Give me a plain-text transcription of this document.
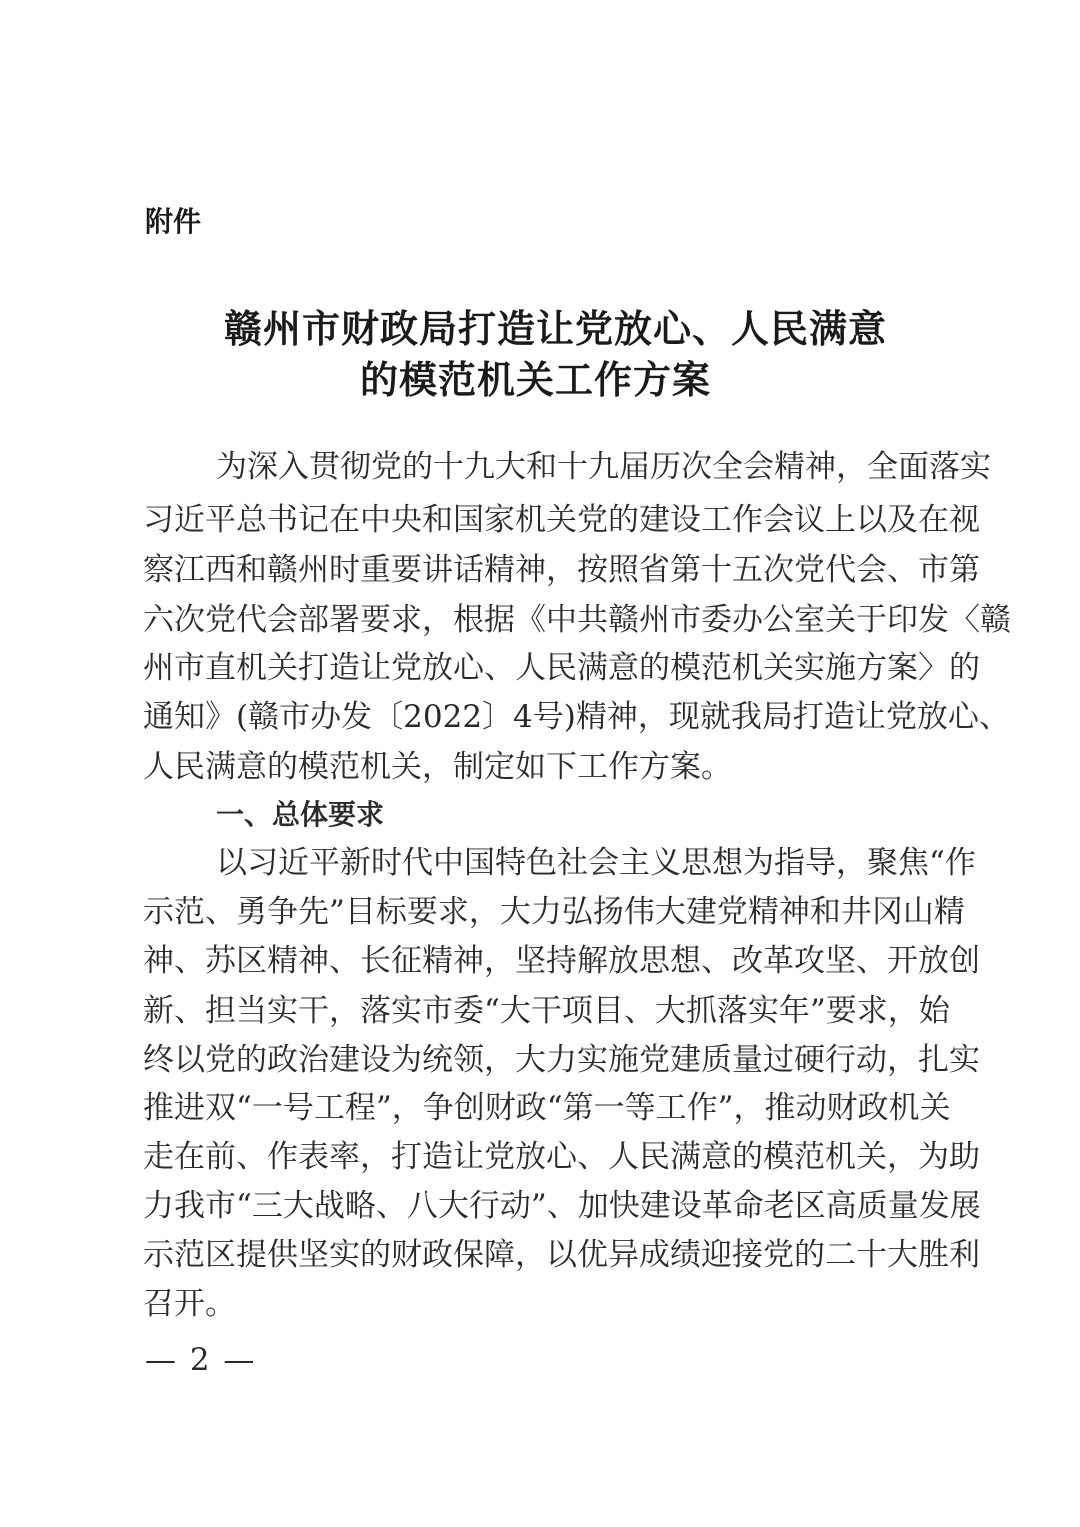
附件
赣州市财政局打造让党放心、人民满意
的模范机关工作方案
为 深 入 贯 彻 党 的 十 九 大 和 十 九 届 历 次 全 会 精 神 ， 全 面 落 实
习 近 平 总 书 记 在 中 央 和 国 家 机 关 党 的 建 设 工 作 会 议 上 以 及 在 视
察 江 西 和 赣 州 时 重 要 讲 话 精 神 ， 按 照 省 第 十 五 次 党 代 会 、 市 第
六 次 党 代 会 部 署 要 求 ， 根 据 《 中 共 赣 州 市 委 办 公 室 关 于 印 发 〈 赣
州 市 直 机 关 打 造 让 党 放 心 、 人 民 满 意 的 模 范 机 关 实 施 方 案 〉 的
通 知 》 ( 赣 市 办 发 〔 2 0 2 2 〕 4 号 ) 精 神 ， 现 就 我 局 打 造 让 党 放 心 、
人民满意的模范机关，制定如下工作方案。
一、总体要求
以 习 近 平 新 时 代 中 国 特 色 社 会 主 义 思 想 为 指 导 ， 聚 焦 “ 作
示 范 、 勇 争 先 ” 目 标 要 求 ， 大 力 弘 扬 伟 大 建 党 精 神 和 井 冈 山 精
神 、 苏 区 精 神 、 长 征 精 神 ， 坚 持 解 放 思 想 、 改 革 攻 坚 、 开 放 创
新 、 担 当 实 干 ， 落 实 市 委 “ 大 干 项 目 、 大 抓 落 实 年 ” 要 求 ， 始
终 以 党 的 政 治 建 设 为 统 领 ， 大 力 实 施 党 建 质 量 过 硬 行 动 ， 扎 实
推 进 双 “ 一 号 工 程 ” ， 争 创 财 政 “ 第 一 等 工 作 ” ， 推 动 财 政 机 关
走 在 前 、 作 表 率 ， 打 造 让 党 放 心 、 人 民 满 意 的 模 范 机 关 ， 为 助
力 我 市 “ 三 大 战 略 、 八 大 行 动 ” 、 加 快 建 设 革 命 老 区 高 质 量 发 展
示 范 区 提 供 坚 实 的 财 政 保 障 ， 以 优 异 成 绩 迎 接 党 的 二 十 大 胜 利
召开。
— 2 —
